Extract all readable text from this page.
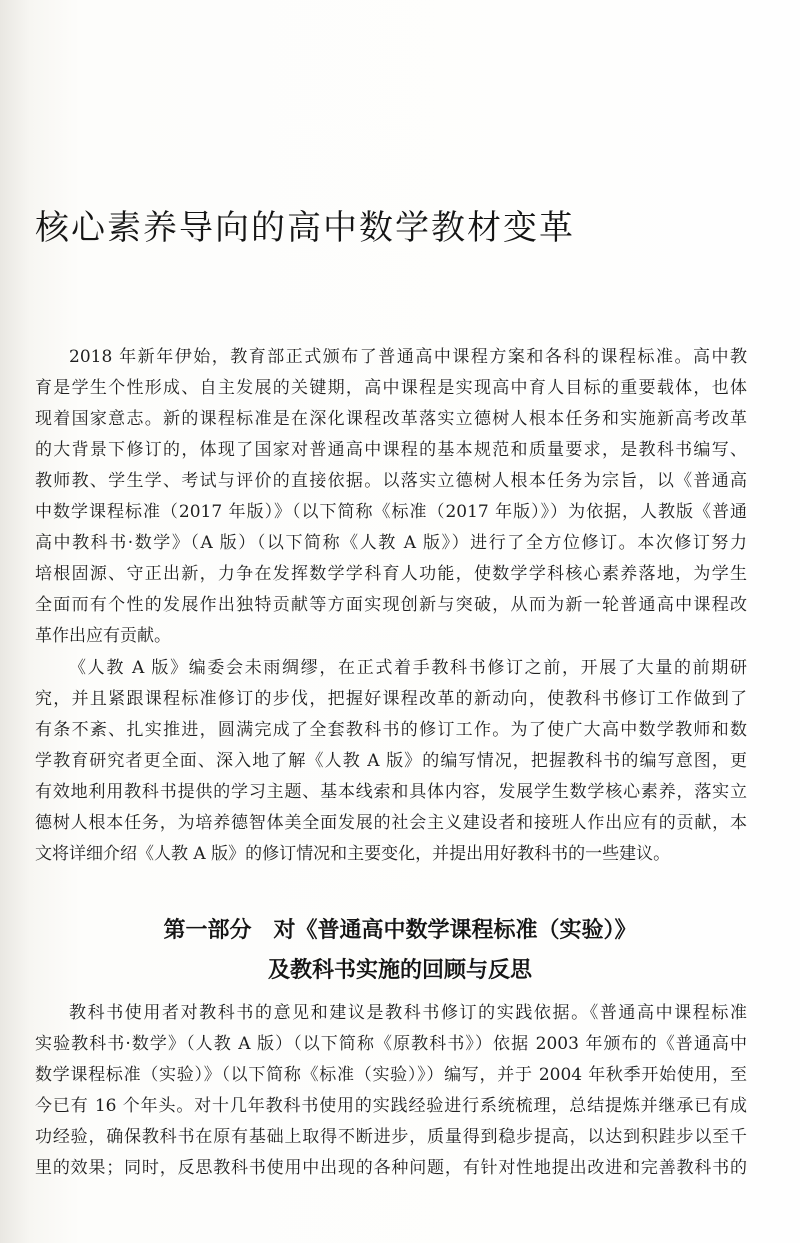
核心素养导向的高中数学教材变革
2018 年新年伊始，教育部正式颁布了普通高中课程方案和各科的课程标准。高中教
育是学生个性形成、自主发展的关键期，高中课程是实现高中育人目标的重要载体，也体
现着国家意志。新的课程标准是在深化课程改革落实立德树人根本任务和实施新高考改革
的大背景下修订的，体现了国家对普通高中课程的基本规范和质量要求，是教科书编写、
教师教、学生学、考试与评价的直接依据。以落实立德树人根本任务为宗旨，以《普通高
中数学课程标准（2017 年版）》（以下简称《标准（2017 年版）》）为依据，人教版《普通
高中教科书·数学》（A 版）（以下简称《人教 A 版》）进行了全方位修订。本次修订努力
培根固源、守正出新，力争在发挥数学学科育人功能，使数学学科核心素养落地，为学生
全面而有个性的发展作出独特贡献等方面实现创新与突破，从而为新一轮普通高中课程改
革作出应有贡献。
《人教 A 版》编委会未雨绸缪，在正式着手教科书修订之前，开展了大量的前期研
究，并且紧跟课程标准修订的步伐，把握好课程改革的新动向，使教科书修订工作做到了
有条不紊、扎实推进，圆满完成了全套教科书的修订工作。为了使广大高中数学教师和数
学教育研究者更全面、深入地了解《人教 A 版》的编写情况，把握教科书的编写意图，更
有效地利用教科书提供的学习主题、基本线索和具体内容，发展学生数学核心素养，落实立
德树人根本任务，为培养德智体美全面发展的社会主义建设者和接班人作出应有的贡献，本
文将详细介绍《人教 A 版》的修订情况和主要变化，并提出用好教科书的一些建议。
第一部分　对《普通高中数学课程标准（实验）》
及教科书实施的回顾与反思
教科书使用者对教科书的意见和建议是教科书修订的实践依据。《普通高中课程标准
实验教科书·数学》（人教 A 版）（以下简称《原教科书》）依据 2003 年颁布的《普通高中
数学课程标准（实验）》（以下简称《标准（实验）》）编写，并于 2004 年秋季开始使用，至
今已有 16 个年头。对十几年教科书使用的实践经验进行系统梳理，总结提炼并继承已有成
功经验，确保教科书在原有基础上取得不断进步，质量得到稳步提高，以达到积跬步以至千
里的效果；同时，反思教科书使用中出现的各种问题，有针对性地提出改进和完善教科书的
